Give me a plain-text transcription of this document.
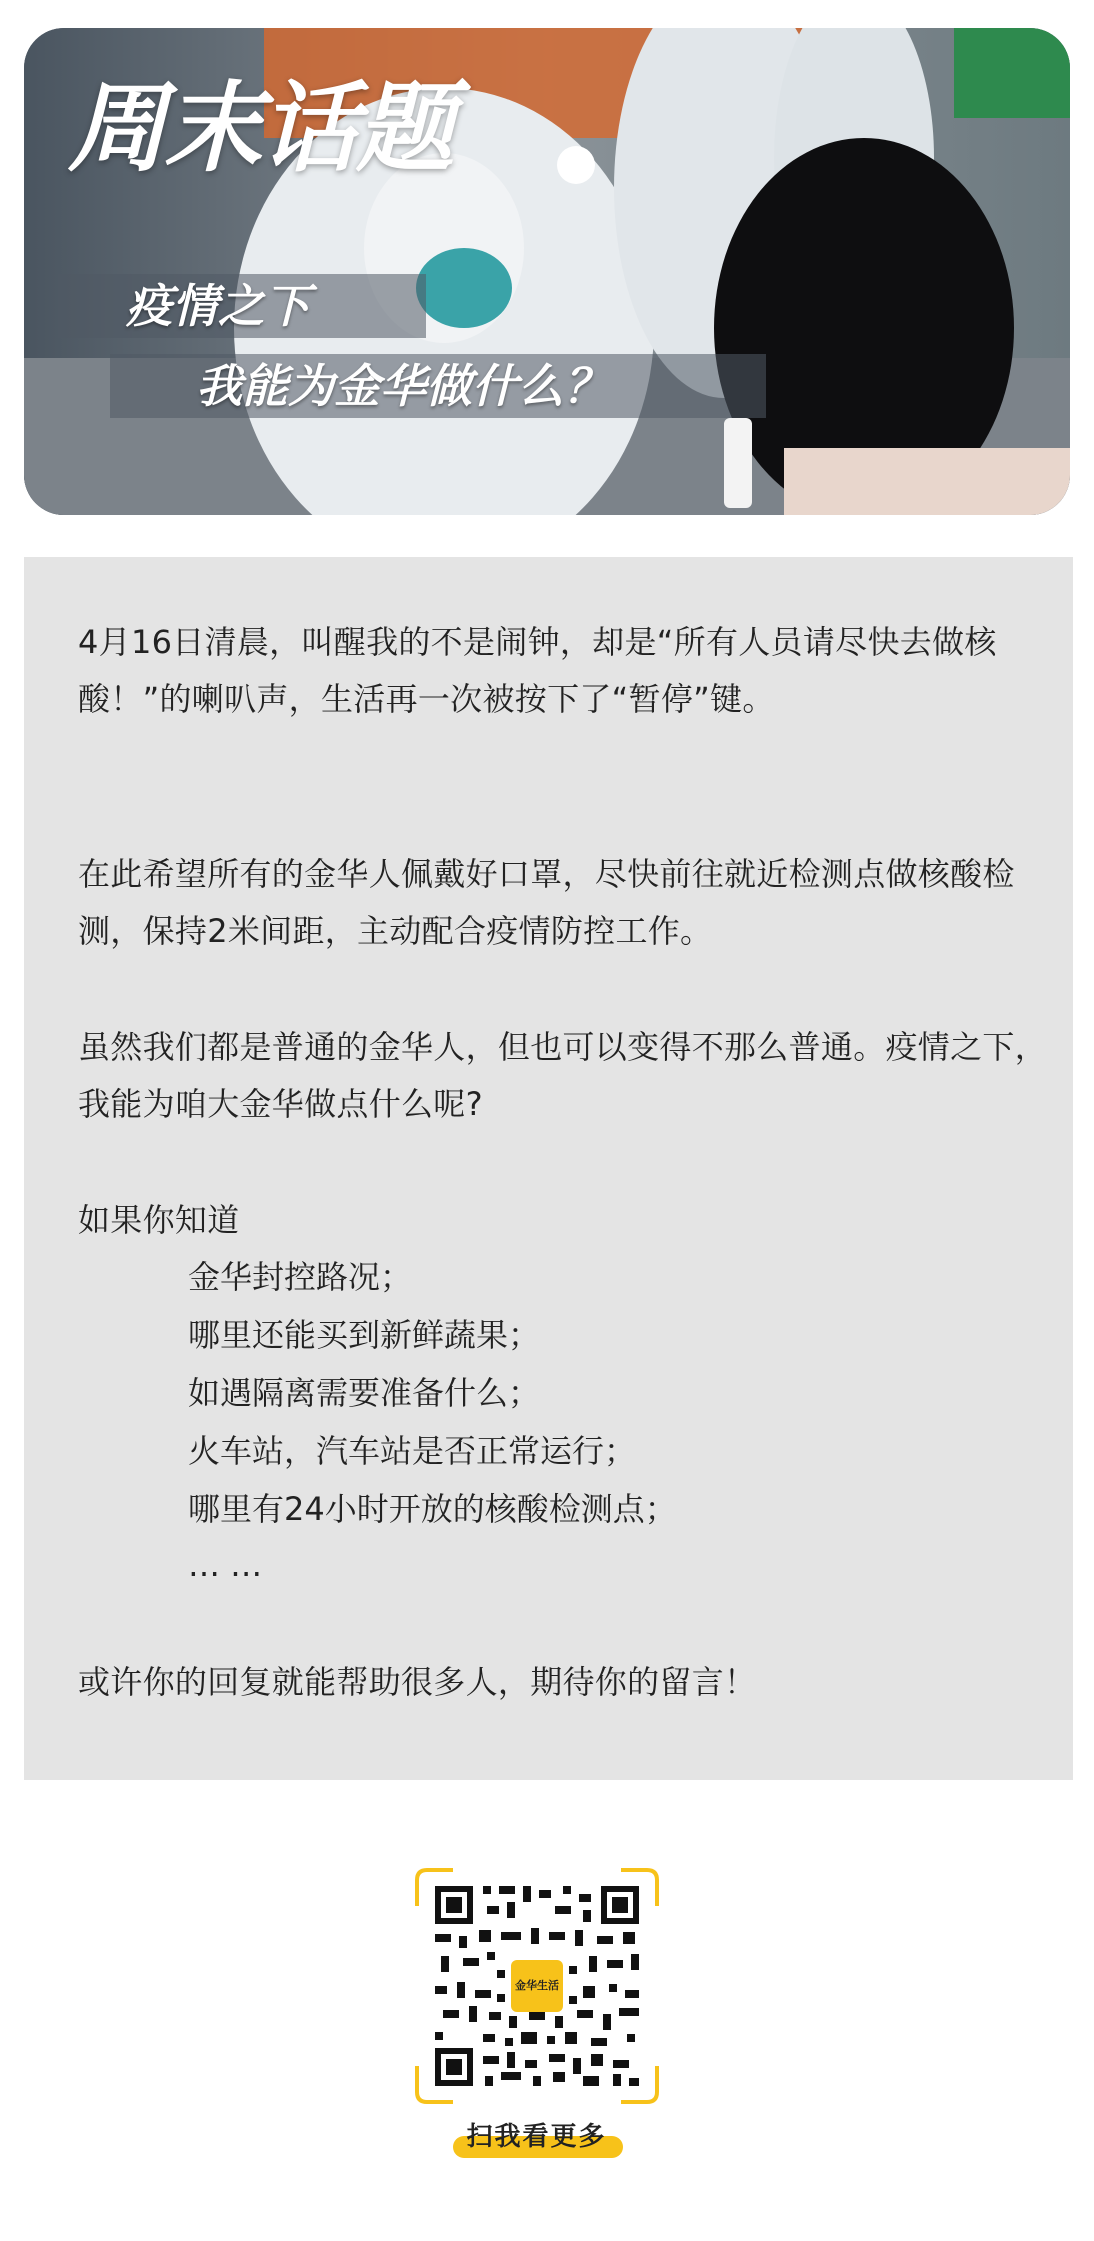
周末话题
疫情之下
我能为金华做什么？

4月16日清晨，叫醒我的不是闹钟，却是“所有人员请尽快去做核酸！”的喇叭声，生活再一次被按下了“暂停”键。

在此希望所有的金华人佩戴好口罩，尽快前往就近检测点做核酸检测，保持2米间距，主动配合疫情防控工作。

虽然我们都是普通的金华人，但也可以变得不那么普通。疫情之下，我能为咱大金华做点什么呢?

如果你知道

金华封控路况；
哪里还能买到新鲜蔬果；
如遇隔离需要准备什么；
火车站，汽车站是否正常运行；
哪里有24小时开放的核酸检测点；
… …

或许你的回复就能帮助很多人，期待你的留言！

金华生活
扫我看更多
